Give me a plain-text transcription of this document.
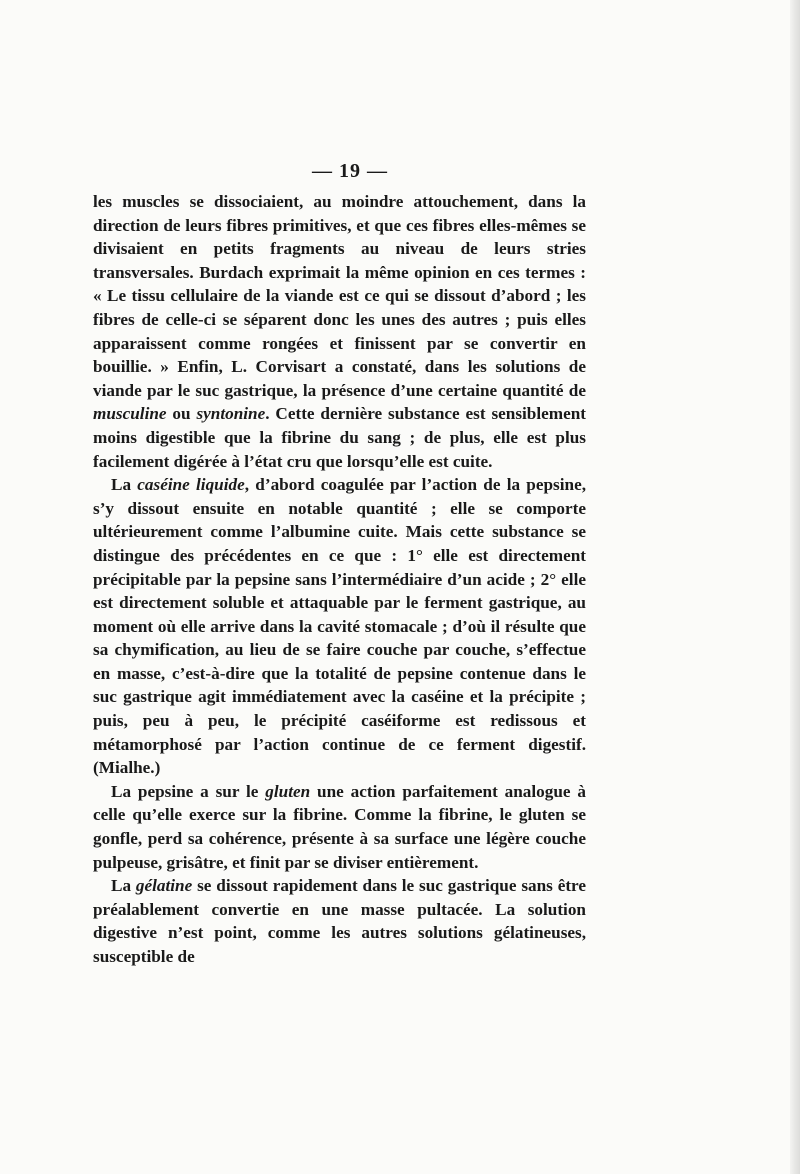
— 19 —

les muscles se dissociaient, au moindre attouchement, dans la direction de leurs fibres primitives, et que ces fibres elles-mêmes se divisaient en petits fragments au niveau de leurs stries transversales. Burdach exprimait la même opinion en ces termes : « Le tissu cellulaire de la viande est ce qui se dissout d’abord ; les fibres de celle-ci se séparent donc les unes des autres ; puis elles apparaissent comme rongées et finissent par se convertir en bouillie. » Enfin, L. Corvisart a constaté, dans les solutions de viande par le suc gastrique, la présence d’une certaine quantité de musculine ou syntonine. Cette dernière substance est sensiblement moins digestible que la fibrine du sang ; de plus, elle est plus facilement digérée à l’état cru que lorsqu’elle est cuite.

La caséine liquide, d’abord coagulée par l’action de la pepsine, s’y dissout ensuite en notable quantité ; elle se comporte ultérieurement comme l’albumine cuite. Mais cette substance se distingue des précédentes en ce que : 1° elle est directement précipitable par la pepsine sans l’intermédiaire d’un acide ; 2° elle est directement soluble et attaquable par le ferment gastrique, au moment où elle arrive dans la cavité stomacale ; d’où il résulte que sa chymification, au lieu de se faire couche par couche, s’effectue en masse, c’est-à-dire que la totalité de pepsine contenue dans le suc gastrique agit immédiatement avec la caséine et la précipite ; puis, peu à peu, le précipité caséiforme est redissous et métamorphosé par l’action continue de ce ferment digestif. (Mialhe.)

La pepsine a sur le gluten une action parfaitement analogue à celle qu’elle exerce sur la fibrine. Comme la fibrine, le gluten se gonfle, perd sa cohérence, présente à sa surface une légère couche pulpeuse, grisâtre, et finit par se diviser entièrement.

La gélatine se dissout rapidement dans le suc gastrique sans être préalablement convertie en une masse pultacée. La solution digestive n’est point, comme les autres solutions gélatineuses, susceptible de
